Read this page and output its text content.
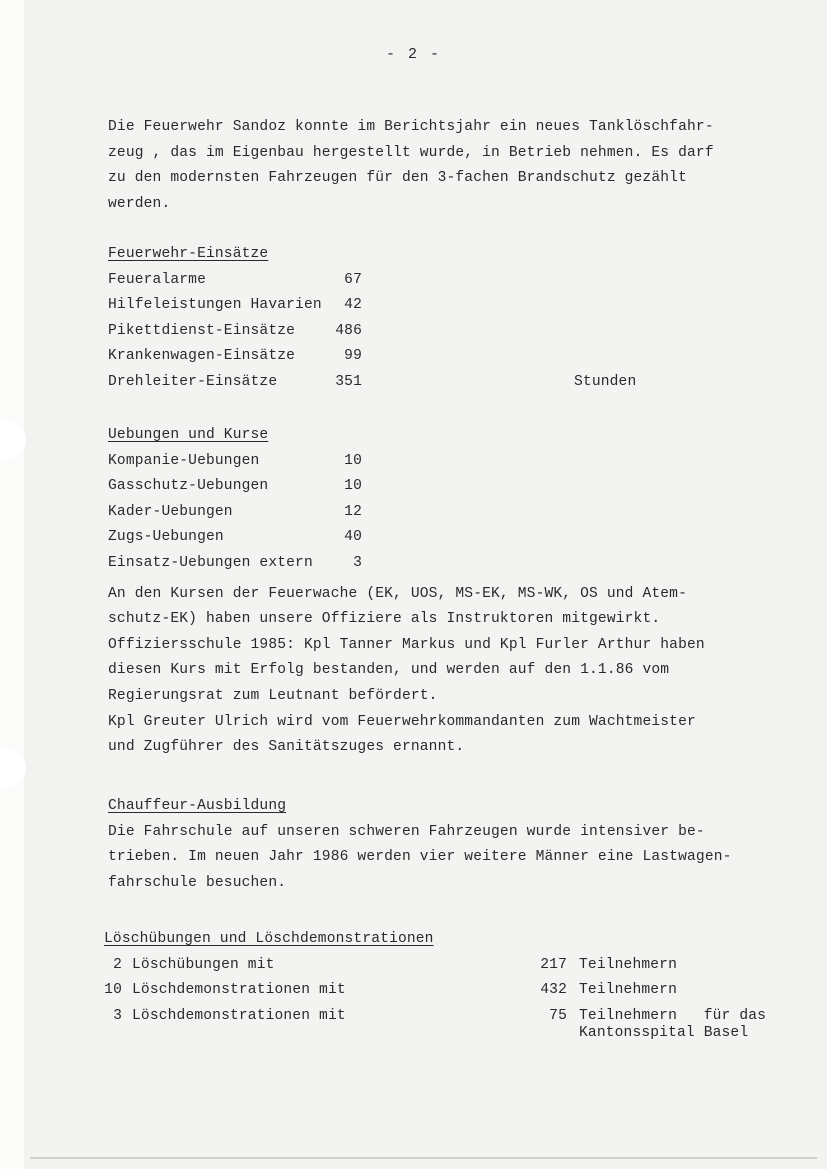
- 2 -

Die Feuerwehr Sandoz konnte im Berichtsjahr ein neues Tanklöschfahr-

zeug , das im Eigenbau hergestellt wurde, in Betrieb nehmen. Es darf

zu den modernsten Fahrzeugen für den 3-fachen Brandschutz gezählt

werden.

Feuerwehr-Einsätze

Feueralarme	67
Hilfeleistungen Havarien 42
Pikettdienst-Einsätze	486
Krankenwagen-Einsätze	99
Drehleiter-Einsätze	351	Stunden

Uebungen und Kurse

Kompanie-Uebungen	10
Gasschutz-Uebungen	10
Kader-Uebungen	12
Zugs-Uebungen	40
Einsatz-Uebungen extern	3

An den Kursen der Feuerwache (EK, UOS, MS-EK, MS-WK, OS und Atem-

schutz-EK) haben unsere Offiziere als Instruktoren mitgewirkt.

Offiziersschule 1985: Kpl Tanner Markus und Kpl Furler Arthur haben

diesen Kurs mit Erfolg bestanden, und werden auf den 1.1.86 vom

Regierungsrat zum Leutnant befördert.

Kpl Greuter Ulrich wird vom Feuerwehrkommandanten zum Wachtmeister

und Zugführer des Sanitätszuges ernannt.

Chauffeur-Ausbildung

Die Fahrschule auf unseren schweren Fahrzeugen wurde intensiver be-

trieben. Im neuen Jahr 1986 werden vier weitere Männer eine Lastwagen-

fahrschule besuchen.

Löschübungen und Löschdemonstrationen

2 Löschübungen mit	217 Teilnehmern
10 Löschdemonstrationen mit	432 Teilnehmern
3 Löschdemonstrationen mit	75 Teilnehmern   für das
Kantonsspital Basel
